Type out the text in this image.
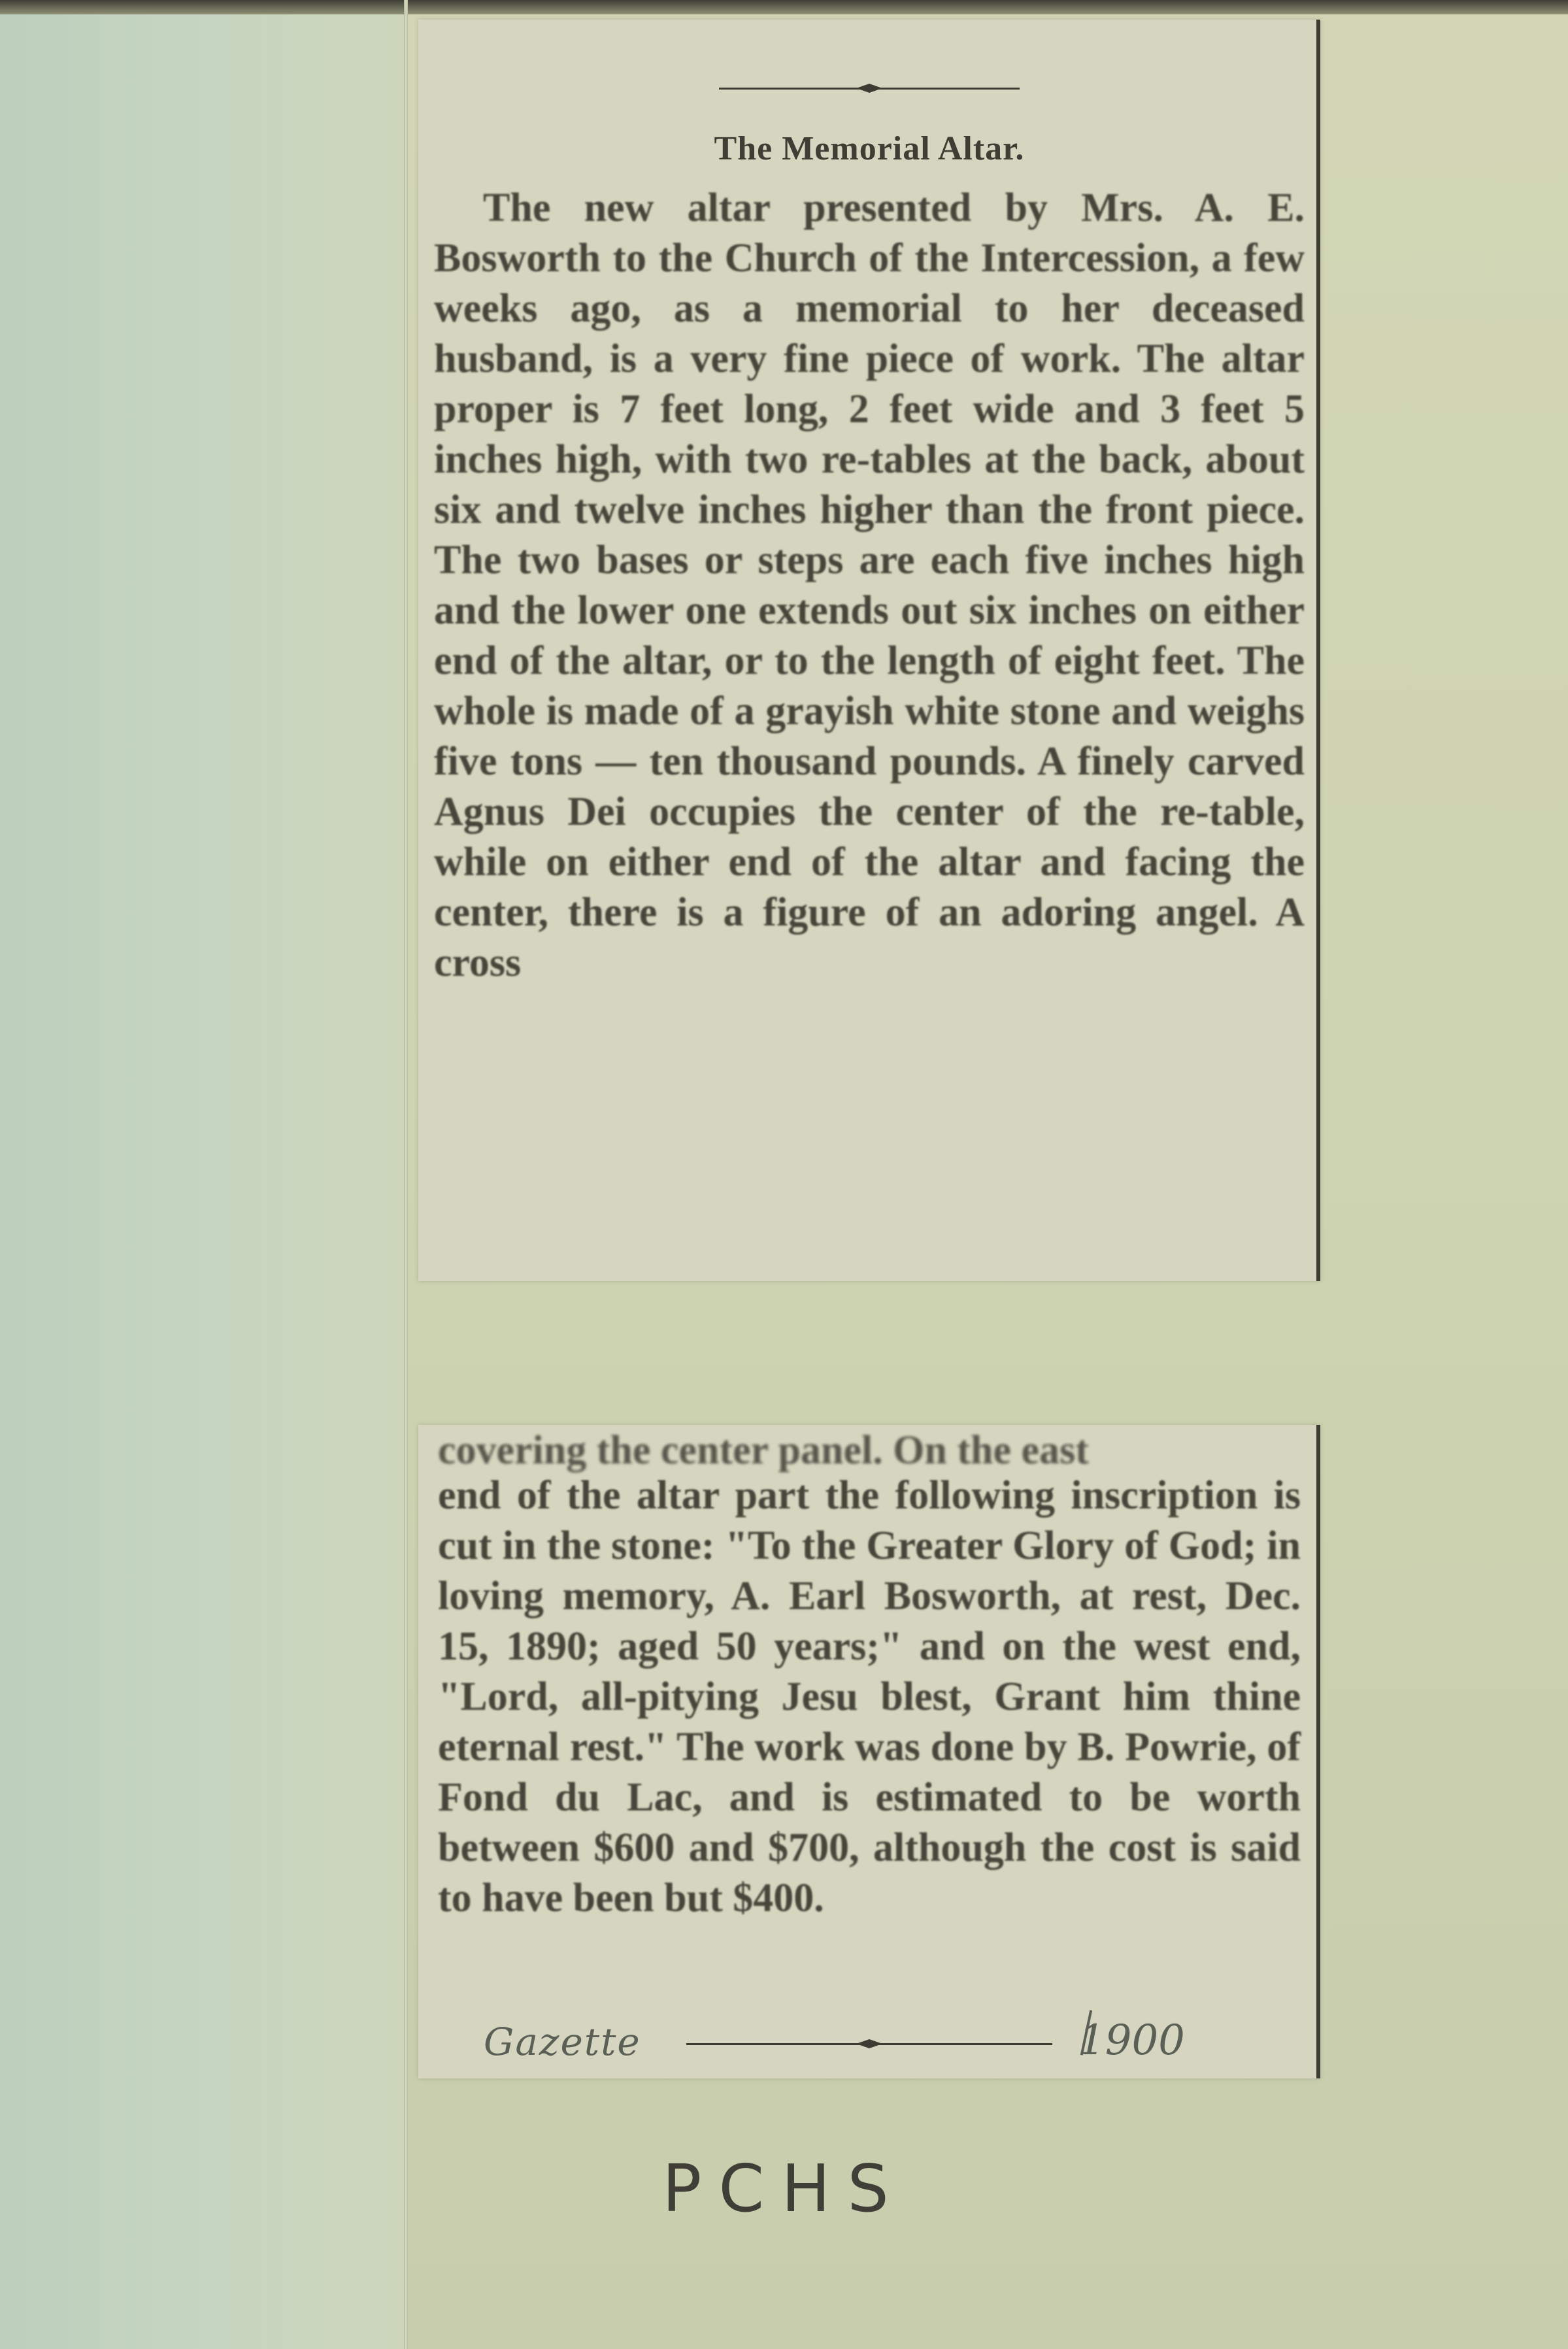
The Memorial Altar.

The new altar presented by Mrs. A. E. Bosworth to the Church of the Intercession, a few weeks ago, as a memorial to her deceased husband, is a very fine piece of work. The altar proper is 7 feet long, 2 feet wide and 3 feet 5 inches high, with two re-tables at the back, about six and twelve inches higher than the front piece. The two bases or steps are each five inches high and the lower one extends out six inches on either end of the altar, or to the length of eight feet. The whole is made of a grayish white stone and weighs five tons — ten thousand pounds. A finely carved Agnus Dei occupies the center of the re-table, while on either end of the altar and facing the center, there is a figure of an adoring angel. A cross

covering the center panel. On the east

end of the altar part the following inscription is cut in the stone: "To the Greater Glory of God; in loving memory, A. Earl Bosworth, at rest, Dec. 15, 1890; aged 50 years;" and on the west end, "Lord, all-pitying Jesu blest, Grant him thine eternal rest." The work was done by B. Powrie, of Fond du Lac, and is estimated to be worth between $600 and $700, although the cost is said to have been but $400.

Gazette	1900
PCHS
